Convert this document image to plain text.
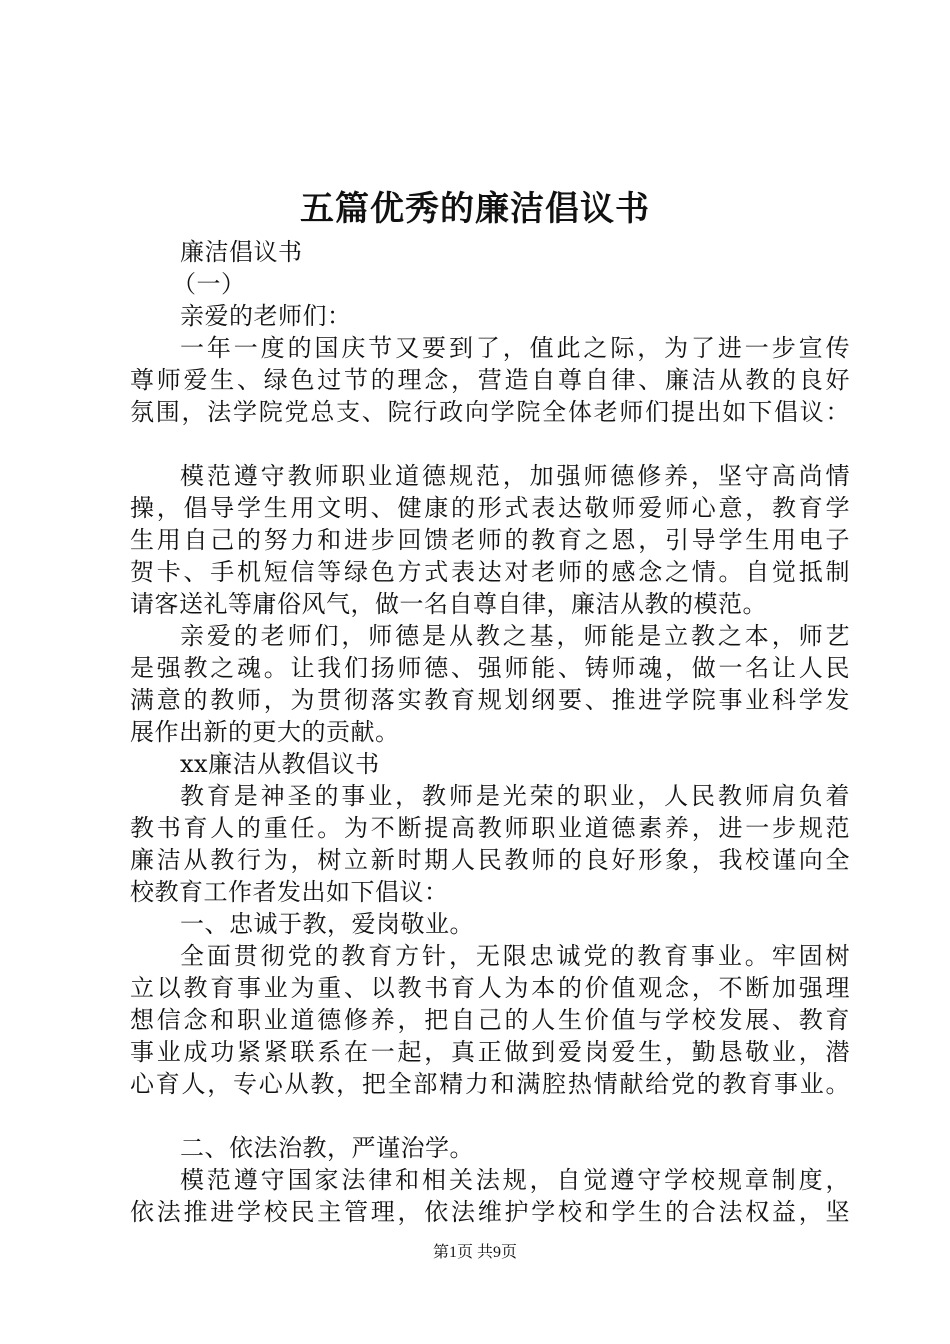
五篇优秀的廉洁倡议书
廉洁倡议书
（一）
亲爱的老师们：
一年一度的国庆节又要到了，值此之际，为了进一步宣传
尊师爱生、绿色过节的理念，营造自尊自律、廉洁从教的良好
氛围，法学院党总支、院行政向学院全体老师们提出如下倡议：
模范遵守教师职业道德规范，加强师德修养，坚守高尚情
操，倡导学生用文明、健康的形式表达敬师爱师心意，教育学
生用自己的努力和进步回馈老师的教育之恩，引导学生用电子
贺卡、手机短信等绿色方式表达对老师的感念之情。自觉抵制
请客送礼等庸俗风气，做一名自尊自律，廉洁从教的模范。
亲爱的老师们，师德是从教之基，师能是立教之本，师艺
是强教之魂。让我们扬师德、强师能、铸师魂，做一名让人民
满意的教师，为贯彻落实教育规划纲要、推进学院事业科学发
展作出新的更大的贡献。
xx廉洁从教倡议书
教育是神圣的事业，教师是光荣的职业，人民教师肩负着
教书育人的重任。为不断提高教师职业道德素养，进一步规范
廉洁从教行为，树立新时期人民教师的良好形象，我校谨向全
校教育工作者发出如下倡议：
一、忠诚于教，爱岗敬业。
全面贯彻党的教育方针，无限忠诚党的教育事业。牢固树
立以教育事业为重、以教书育人为本的价值观念，不断加强理
想信念和职业道德修养，把自己的人生价值与学校发展、教育
事业成功紧紧联系在一起，真正做到爱岗爱生，勤恳敬业，潜
心育人，专心从教，把全部精力和满腔热情献给党的教育事业。
二、依法治教，严谨治学。
模范遵守国家法律和相关法规，自觉遵守学校规章制度，
依法推进学校民主管理，依法维护学校和学生的合法权益，坚
第1页 共9页
